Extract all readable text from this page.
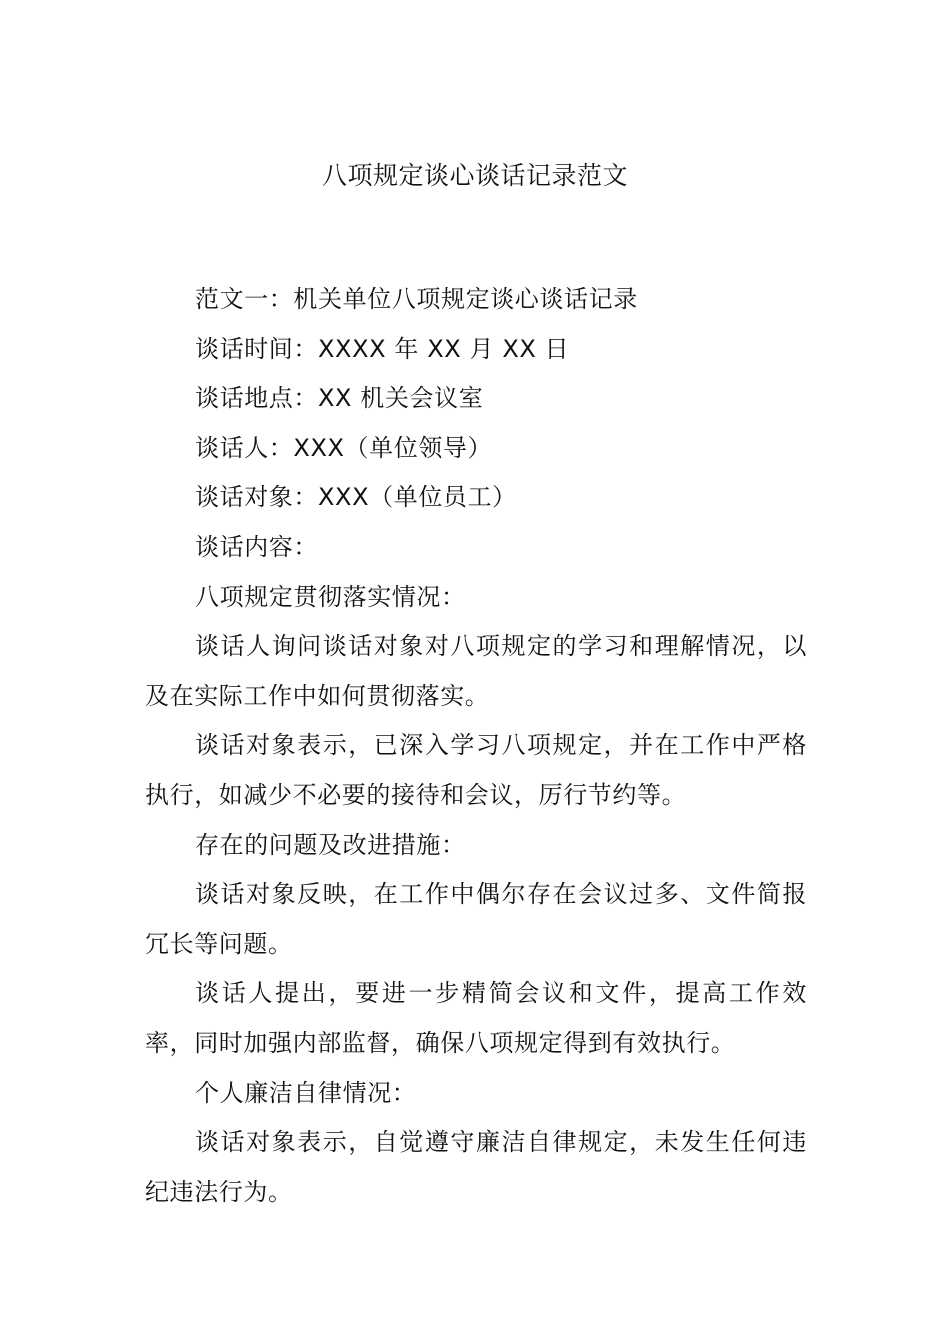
八项规定谈心谈话记录范文

范文一：机关单位八项规定谈心谈话记录

谈话时间：XXXX 年 XX 月 XX 日

谈话地点：XX 机关会议室

谈话人：XXX（单位领导）

谈话对象：XXX（单位员工）

谈话内容：

八项规定贯彻落实情况：

谈话人询问谈话对象对八项规定的学习和理解情况，以及在实际工作中如何贯彻落实。

谈话对象表示，已深入学习八项规定，并在工作中严格执行，如减少不必要的接待和会议，厉行节约等。

存在的问题及改进措施：

谈话对象反映，在工作中偶尔存在会议过多、文件简报冗长等问题。

谈话人提出，要进一步精简会议和文件，提高工作效率，同时加强内部监督，确保八项规定得到有效执行。

个人廉洁自律情况：

谈话对象表示，自觉遵守廉洁自律规定，未发生任何违纪违法行为。
